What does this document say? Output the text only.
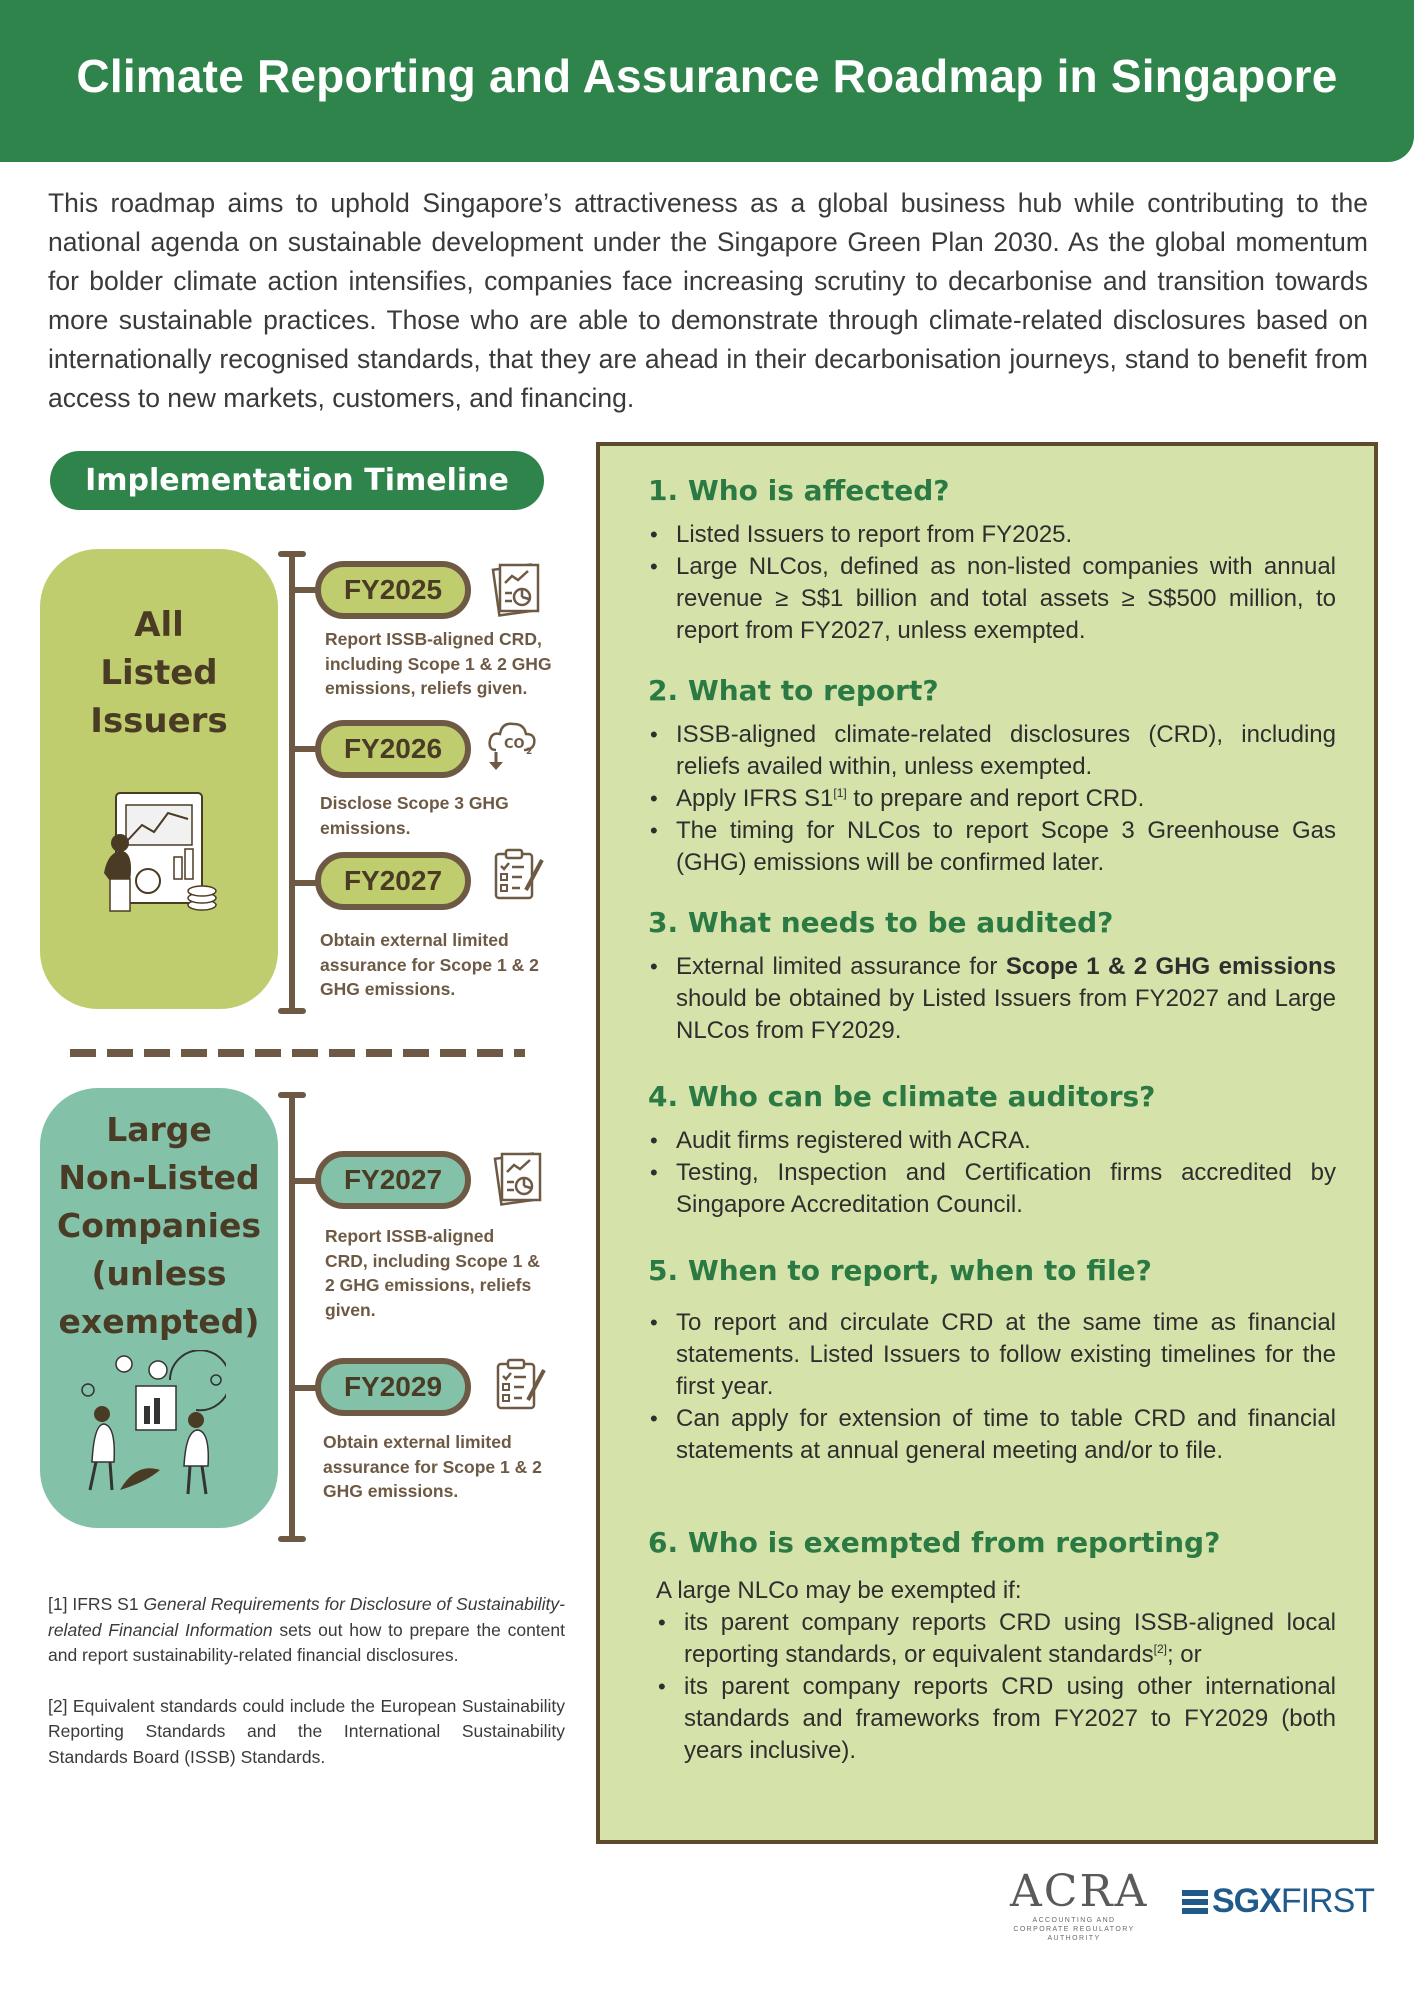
Climate Reporting and Assurance Roadmap in Singapore

This roadmap aims to uphold Singapore’s attractiveness as a global business hub while contributing to the national agenda on sustainable development under the Singapore Green Plan 2030. As the global momentum for bolder climate action intensifies, companies face increasing scrutiny to decarbonise and transition towards more sustainable practices. Those who are able to demonstrate through climate-related disclosures based on internationally recognised standards, that they are ahead in their decarbonisation journeys, stand to benefit from access to new markets, customers, and financing.

Implementation Timeline
All
Listed
Issuers
FY2025
Report ISSB-aligned CRD, including Scope 1 & 2 GHG emissions, reliefs given.
FY2026	CO 2
Disclose Scope 3 GHG emissions.
FY2027
Obtain external limited assurance for Scope 1 & 2 GHG emissions.
Large
Non-Listed
Companies
(unless
exempted)
FY2027
Report ISSB-aligned CRD, including Scope 1 & 2 GHG emissions, reliefs given.
FY2029
Obtain external limited assurance for Scope 1 & 2 GHG emissions.

[1] IFRS S1 General Requirements for Disclosure of Sustainability-related Financial Information sets out how to prepare the content and report sustainability-related financial disclosures.

[2] Equivalent standards could include the European Sustainability Reporting Standards and the International Sustainability Standards Board (ISSB) Standards.

1. Who is affected?
• Listed Issuers to report from FY2025.
• Large NLCos, defined as non-listed companies with annual revenue ≥ S$1 billion and total assets ≥ S$500 million, to report from FY2027, unless exempted.
2. What to report?
• ISSB-aligned climate-related disclosures (CRD), including reliefs availed within, unless exempted.
• Apply IFRS S1[1] to prepare and report CRD.
• The timing for NLCos to report Scope 3 Greenhouse Gas (GHG) emissions will be confirmed later.
3. What needs to be audited?
• External limited assurance for Scope 1 & 2 GHG emissions should be obtained by Listed Issuers from FY2027 and Large NLCos from FY2029.
4. Who can be climate auditors?
• Audit firms registered with ACRA.
• Testing, Inspection and Certification firms accredited by Singapore Accreditation Council.
5. When to report, when to file?
• To report and circulate CRD at the same time as financial statements. Listed Issuers to follow existing timelines for the first year.
• Can apply for extension of time to table CRD and financial statements at annual general meeting and/or to file.
6. Who is exempted from reporting?
A large NLCo may be exempted if:
• its parent company reports CRD using ISSB-aligned local reporting standards, or equivalent standards[2]; or
• its parent company reports CRD using other international standards and frameworks from FY2027 to FY2029 (both years inclusive).
ACRA
ACCOUNTING AND CORPORATE REGULATORY AUTHORITY
SGX FIRST
